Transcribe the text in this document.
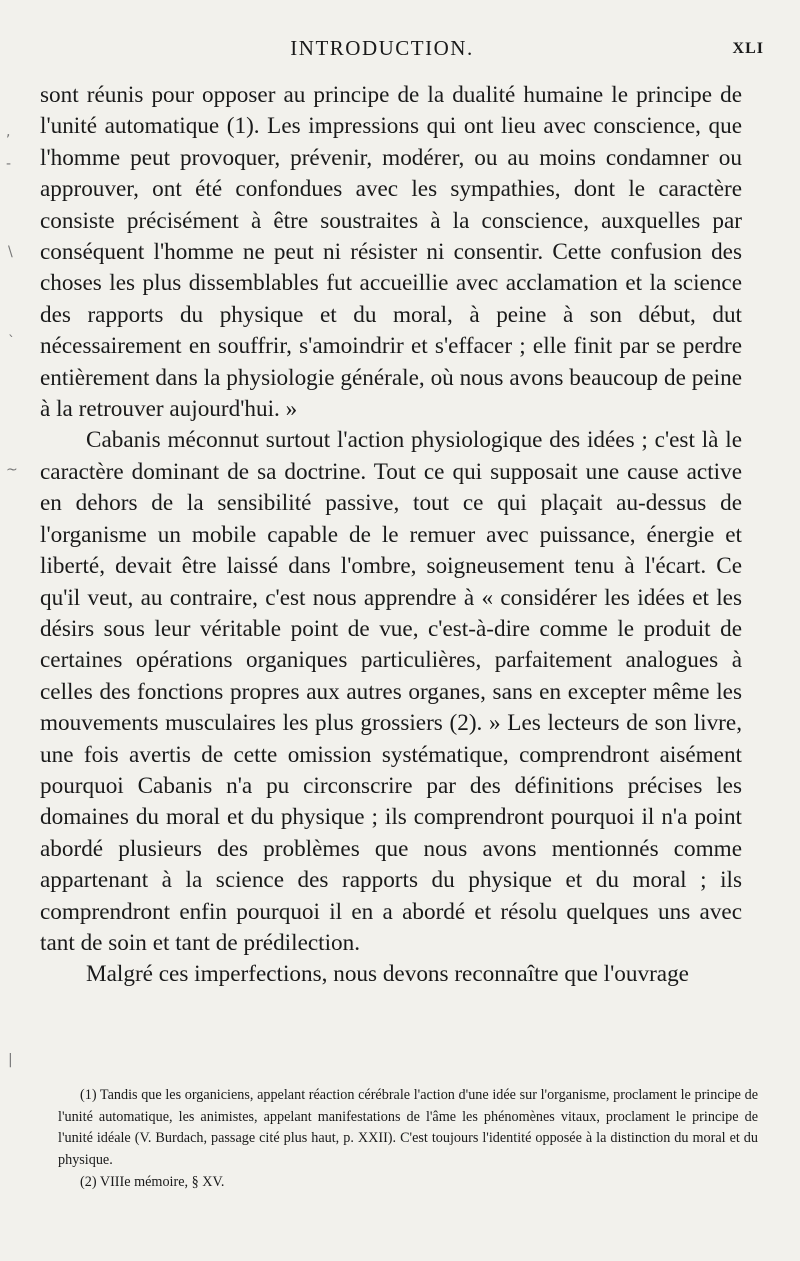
INTRODUCTION.	XLI
,
-
\
`
~
|

sont réunis pour opposer au principe de la dualité humaine le principe de l'unité automatique (1). Les impressions qui ont lieu avec conscience, que l'homme peut provoquer, prévenir, modérer, ou au moins condamner ou approuver, ont été confondues avec les sympathies, dont le caractère consiste précisément à être soustraites à la conscience, auxquelles par conséquent l'homme ne peut ni résister ni consentir. Cette confusion des choses les plus dissemblables fut accueillie avec acclamation et la science des rapports du physique et du moral, à peine à son début, dut nécessairement en souffrir, s'amoindrir et s'effacer ; elle finit par se perdre entièrement dans la physiologie générale, où nous avons beaucoup de peine à la retrouver aujourd'hui. »

Cabanis méconnut surtout l'action physiologique des idées ; c'est là le caractère dominant de sa doctrine. Tout ce qui supposait une cause active en dehors de la sensibilité passive, tout ce qui plaçait au-dessus de l'organisme un mobile capable de le remuer avec puissance, énergie et liberté, devait être laissé dans l'ombre, soigneusement tenu à l'écart. Ce qu'il veut, au contraire, c'est nous apprendre à « considérer les idées et les désirs sous leur véritable point de vue, c'est-à-dire comme le produit de certaines opérations organiques particulières, parfaitement analogues à celles des fonctions propres aux autres organes, sans en excepter même les mouvements musculaires les plus grossiers (2). » Les lecteurs de son livre, une fois avertis de cette omission systématique, comprendront aisément pourquoi Cabanis n'a pu circonscrire par des définitions précises les domaines du moral et du physique ; ils comprendront pourquoi il n'a point abordé plusieurs des problèmes que nous avons mentionnés comme appartenant à la science des rapports du physique et du moral ; ils comprendront enfin pourquoi il en a abordé et résolu quelques uns avec tant de soin et tant de prédilection.

Malgré ces imperfections, nous devons reconnaître que l'ouvrage

(1) Tandis que les organiciens, appelant réaction cérébrale l'action d'une idée sur l'organisme, proclament le principe de l'unité automatique, les animistes, appelant manifestations de l'âme les phénomènes vitaux, proclament le principe de l'unité idéale (V. Burdach, passage cité plus haut, p. XXII). C'est toujours l'identité opposée à la distinction du moral et du physique.

(2) VIIIe mémoire, § XV.
